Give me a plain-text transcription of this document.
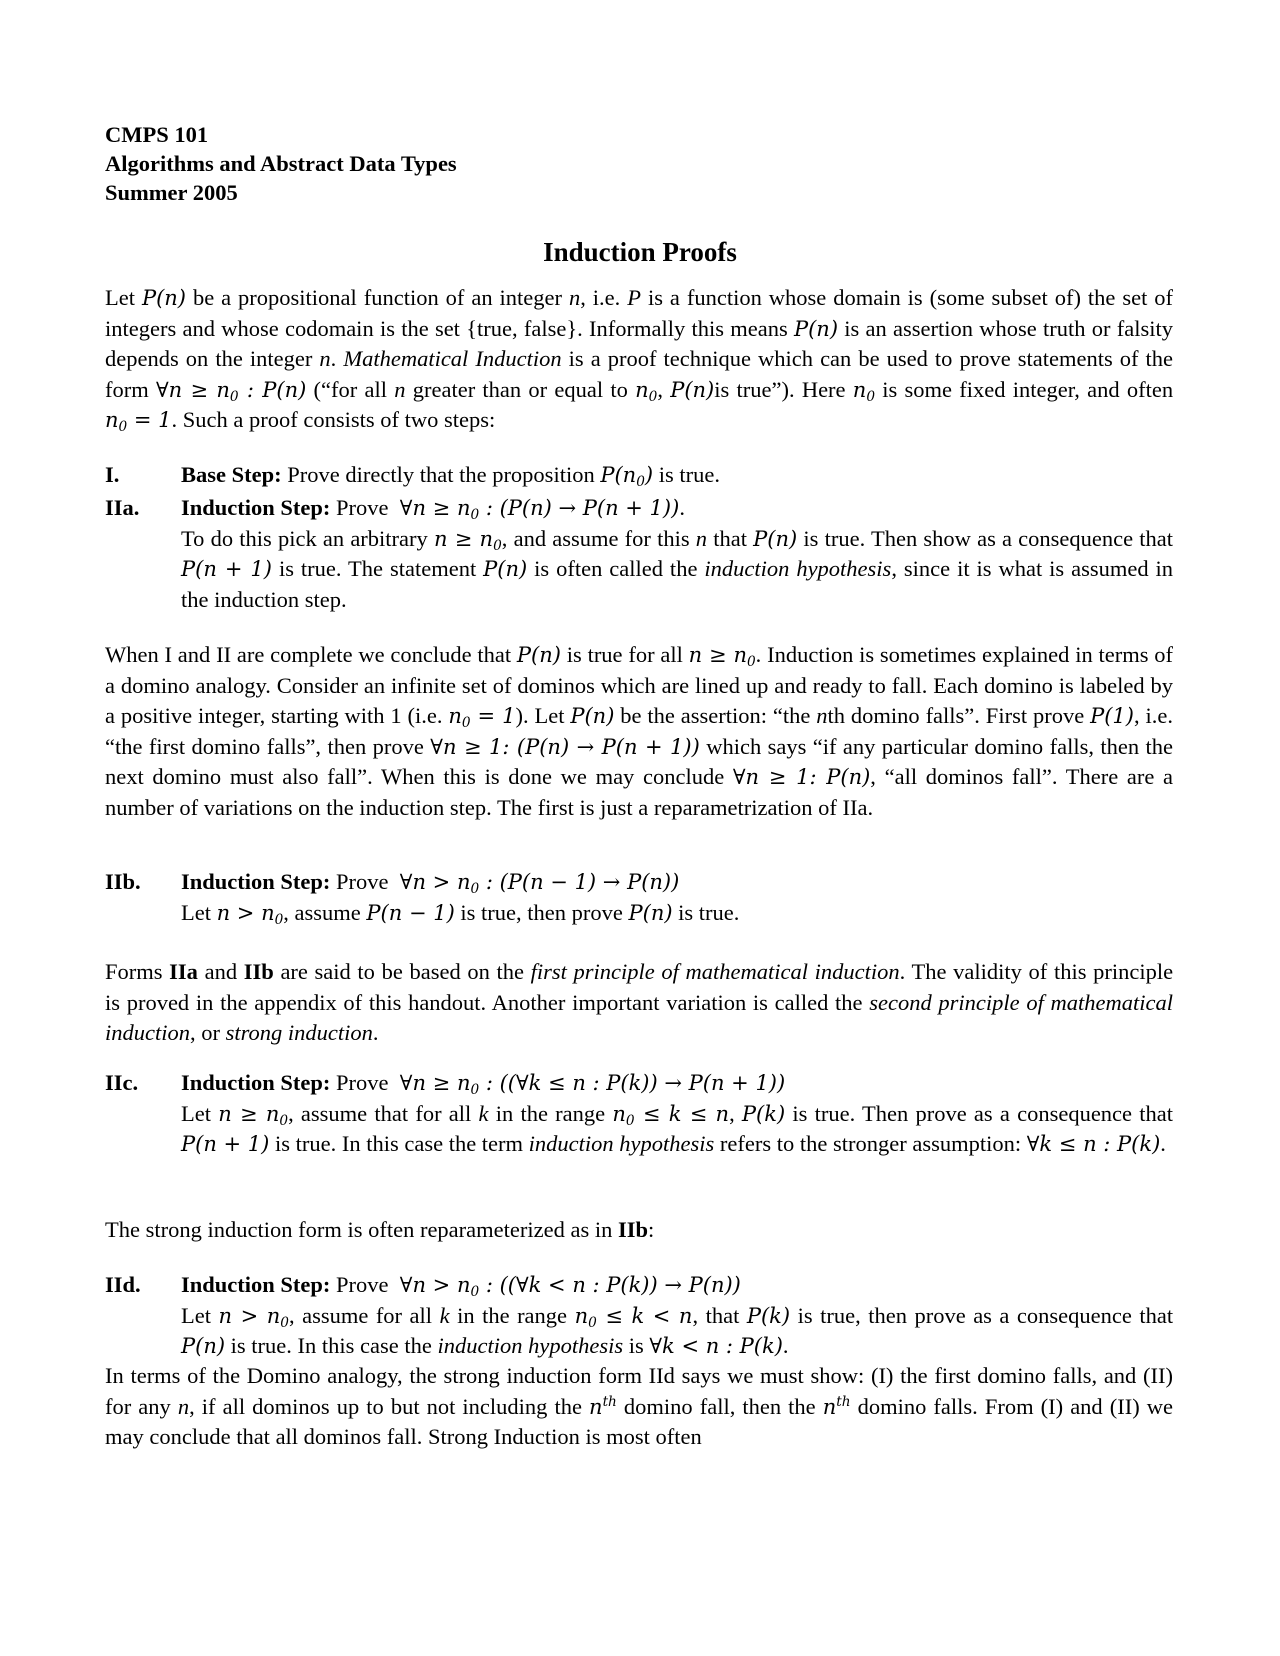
CMPS 101
Algorithms and Abstract Data Types
Summer 2005
Induction Proofs

Let P(n) be a propositional function of an integer n, i.e. P is a function whose domain is (some subset of) the set of integers and whose codomain is the set {true, false}. Informally this means P(n) is an assertion whose truth or falsity depends on the integer n. Mathematical Induction is a proof technique which can be used to prove statements of the form ∀n ≥ $n_0$ : P(n) (“for all n greater than or equal to $n_0$, P(n)is true”). Here $n_0$ is some fixed integer, and often $n_0 = 1$. Such a proof consists of two steps:

I.	Base Step: Prove directly that the proposition $P(n_0)$ is true.
IIa. Induction Step: Prove ∀n ≥ $n_0$ : (P(n) → P(n + 1)).
To do this pick an arbitrary $n \ge n_0$, and assume for this n that P(n) is true. Then show as a consequence that P(n + 1) is true. The statement P(n) is often called the induction hypothesis, since it is what is assumed in the induction step.

When I and II are complete we conclude that P(n) is true for all $n \ge n_0$. Induction is sometimes explained in terms of a domino analogy. Consider an infinite set of dominos which are lined up and ready to fall. Each domino is labeled by a positive integer, starting with 1 (i.e. $n_0 = 1$). Let P(n) be the assertion: “the nth domino falls”. First prove P(1), i.e. “the first domino falls”, then prove ∀n ≥ 1: (P(n) → P(n + 1)) which says “if any particular domino falls, then the next domino must also fall”. When this is done we may conclude ∀n ≥ 1: P(n), “all dominos fall”. There are a number of variations on the induction step. The first is just a reparametrization of IIa.

IIb. Induction Step: Prove ∀n > $n_0$ : (P(n − 1) → P(n))
Let $n > n_0$, assume P(n − 1) is true, then prove P(n) is true.

Forms IIa and IIb are said to be based on the first principle of mathematical induction. The validity of this principle is proved in the appendix of this handout. Another important variation is called the second principle of mathematical induction, or strong induction.

IIc. Induction Step: Prove ∀n ≥ $n_0$ : ((∀k ≤ n : P(k)) → P(n + 1))
Let $n \ge n_0$, assume that for all k in the range $n_0 \le k \le n$, P(k) is true. Then prove as a consequence that P(n + 1) is true. In this case the term induction hypothesis refers to the stronger assumption: ∀k ≤ n : P(k).

The strong induction form is often reparameterized as in IIb:

IId. Induction Step: Prove ∀n > $n_0$ : ((∀k < n : P(k)) → P(n))
Let $n > n_0$, assume for all k in the range $n_0 \le k < n$, that P(k) is true, then prove as a consequence that P(n) is true. In this case the induction hypothesis is ∀k < n : P(k).

In terms of the Domino analogy, the strong induction form IId says we must show: (I) the first domino falls, and (II) for any n, if all dominos up to but not including the $n^{th}$ domino fall, then the $n^{th}$ domino falls. From (I) and (II) we may conclude that all dominos fall. Strong Induction is most often
